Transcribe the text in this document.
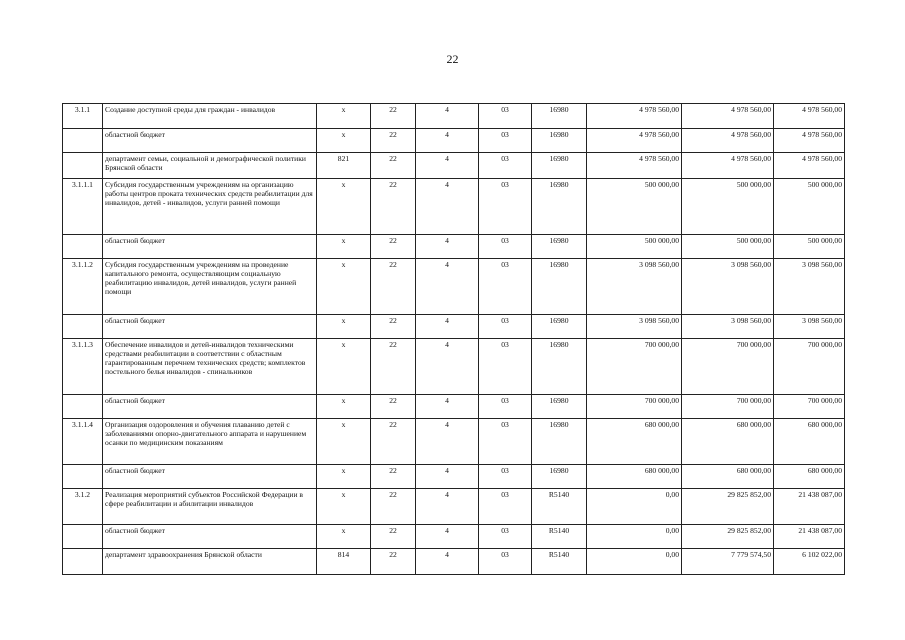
22
3.1.1	Создание доступной среды для граждан - инвалидов	х	22	4	03	16980	4 978 560,00	4 978 560,00	4 978 560,00
	областной бюджет	х	22	4	03	16980	4 978 560,00	4 978 560,00	4 978 560,00
	департамент семьи, социальной и демографической политики Брянской области	821	22	4	03	16980	4 978 560,00	4 978 560,00	4 978 560,00
3.1.1.1	Субсидия государственным учреждениям на организацию работы центров проката технических средств реабилитации для инвалидов, детей - инвалидов, услуги ранней помощи	х	22	4	03	16980	500 000,00	500 000,00	500 000,00
	областной бюджет	х	22	4	03	16980	500 000,00	500 000,00	500 000,00
3.1.1.2	Субсидия государственным учреждениям на проведение капитального ремонта, осуществляющим социальную реабилитацию инвалидов, детей инвалидов, услуги ранней помощи	х	22	4	03	16980	3 098 560,00	3 098 560,00	3 098 560,00
	областной бюджет	х	22	4	03	16980	3 098 560,00	3 098 560,00	3 098 560,00
3.1.1.3	Обеспечение инвалидов и детей-инвалидов техническими средствами реабилитации в соответствии с областным гарантированным перечнем технических средств; комплектов постельного белья инвалидов - спинальников	х	22	4	03	16980	700 000,00	700 000,00	700 000,00
	областной бюджет	х	22	4	03	16980	700 000,00	700 000,00	700 000,00
3.1.1.4	Организация оздоровления и обучения плаванию детей с заболеваниями опорно-двигательного аппарата и нарушением осанки по медицинским показаниям	х	22	4	03	16980	680 000,00	680 000,00	680 000,00
	областной бюджет	х	22	4	03	16980	680 000,00	680 000,00	680 000,00
3.1.2	Реализация мероприятий субъектов Российской Федерации в сфере реабилитации и абилитации инвалидов	х	22	4	03	R5140	0,00	29 825 852,00	21 438 087,00
	областной бюджет	х	22	4	03	R5140	0,00	29 825 852,00	21 438 087,00
	департамент здравоохранения Брянской области	814	22	4	03	R5140	0,00	7 779 574,50	6 102 022,00
